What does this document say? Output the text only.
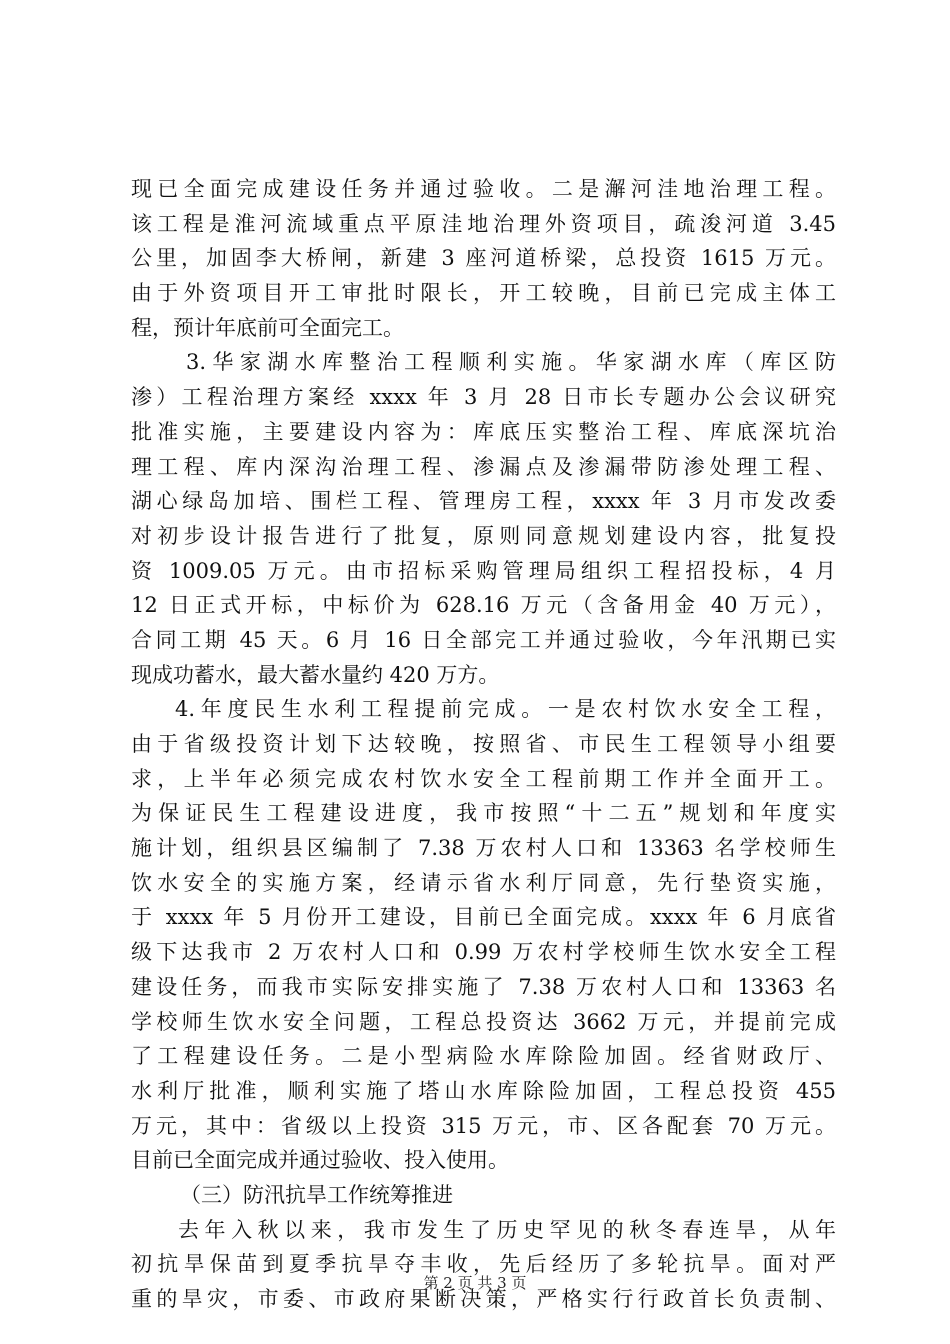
现已全面完成建设任务并通过验收。二是澥河洼地治理工程。
该工程是淮河流域重点平原洼地治理外资项目，疏浚河道 3.45
公里，加固李大桥闸，新建 3 座河道桥梁，总投资 1615 万元。
由于外资项目开工审批时限长，开工较晚，目前已完成主体工
程，预计年底前可全面完工。
3.华家湖水库整治工程顺利实施。华家湖水库（库区防
渗）工程治理方案经 xxxx 年 3 月 28 日市长专题办公会议研究
批准实施，主要建设内容为：库底压实整治工程、库底深坑治
理工程、库内深沟治理工程、渗漏点及渗漏带防渗处理工程、
湖心绿岛加培、围栏工程、管理房工程，xxxx 年 3 月市发改委
对初步设计报告进行了批复，原则同意规划建设内容，批复投
资 1009.05 万元。由市招标采购管理局组织工程招投标，4 月
12 日正式开标，中标价为 628.16 万元（含备用金 40 万元），
合同工期 45 天。6 月 16 日全部完工并通过验收，今年汛期已实
现成功蓄水，最大蓄水量约 420 万方。
4.年度民生水利工程提前完成。一是农村饮水安全工程，
由于省级投资计划下达较晚，按照省、市民生工程领导小组要
求，上半年必须完成农村饮水安全工程前期工作并全面开工。
为保证民生工程建设进度，我市按照“十二五”规划和年度实
施计划，组织县区编制了 7.38 万农村人口和 13363 名学校师生
饮水安全的实施方案，经请示省水利厅同意，先行垫资实施，
于 xxxx 年 5 月份开工建设，目前已全面完成。xxxx 年 6 月底省
级下达我市 2 万农村人口和 0.99 万农村学校师生饮水安全工程
建设任务，而我市实际安排实施了 7.38 万农村人口和 13363 名
学校师生饮水安全问题，工程总投资达 3662 万元，并提前完成
了工程建设任务。二是小型病险水库除险加固。经省财政厅、
水利厅批准，顺利实施了塔山水库除险加固，工程总投资 455
万元，其中：省级以上投资 315 万元，市、区各配套 70 万元。
目前已全面完成并通过验收、投入使用。
（三）防汛抗旱工作统筹推进
去年入秋以来，我市发生了历史罕见的秋冬春连旱，从年
初抗旱保苗到夏季抗旱夺丰收，先后经历了多轮抗旱。面对严
重的旱灾，市委、市政府果断决策，严格实行行政首长负责制、
第 2 页 共 3 页
